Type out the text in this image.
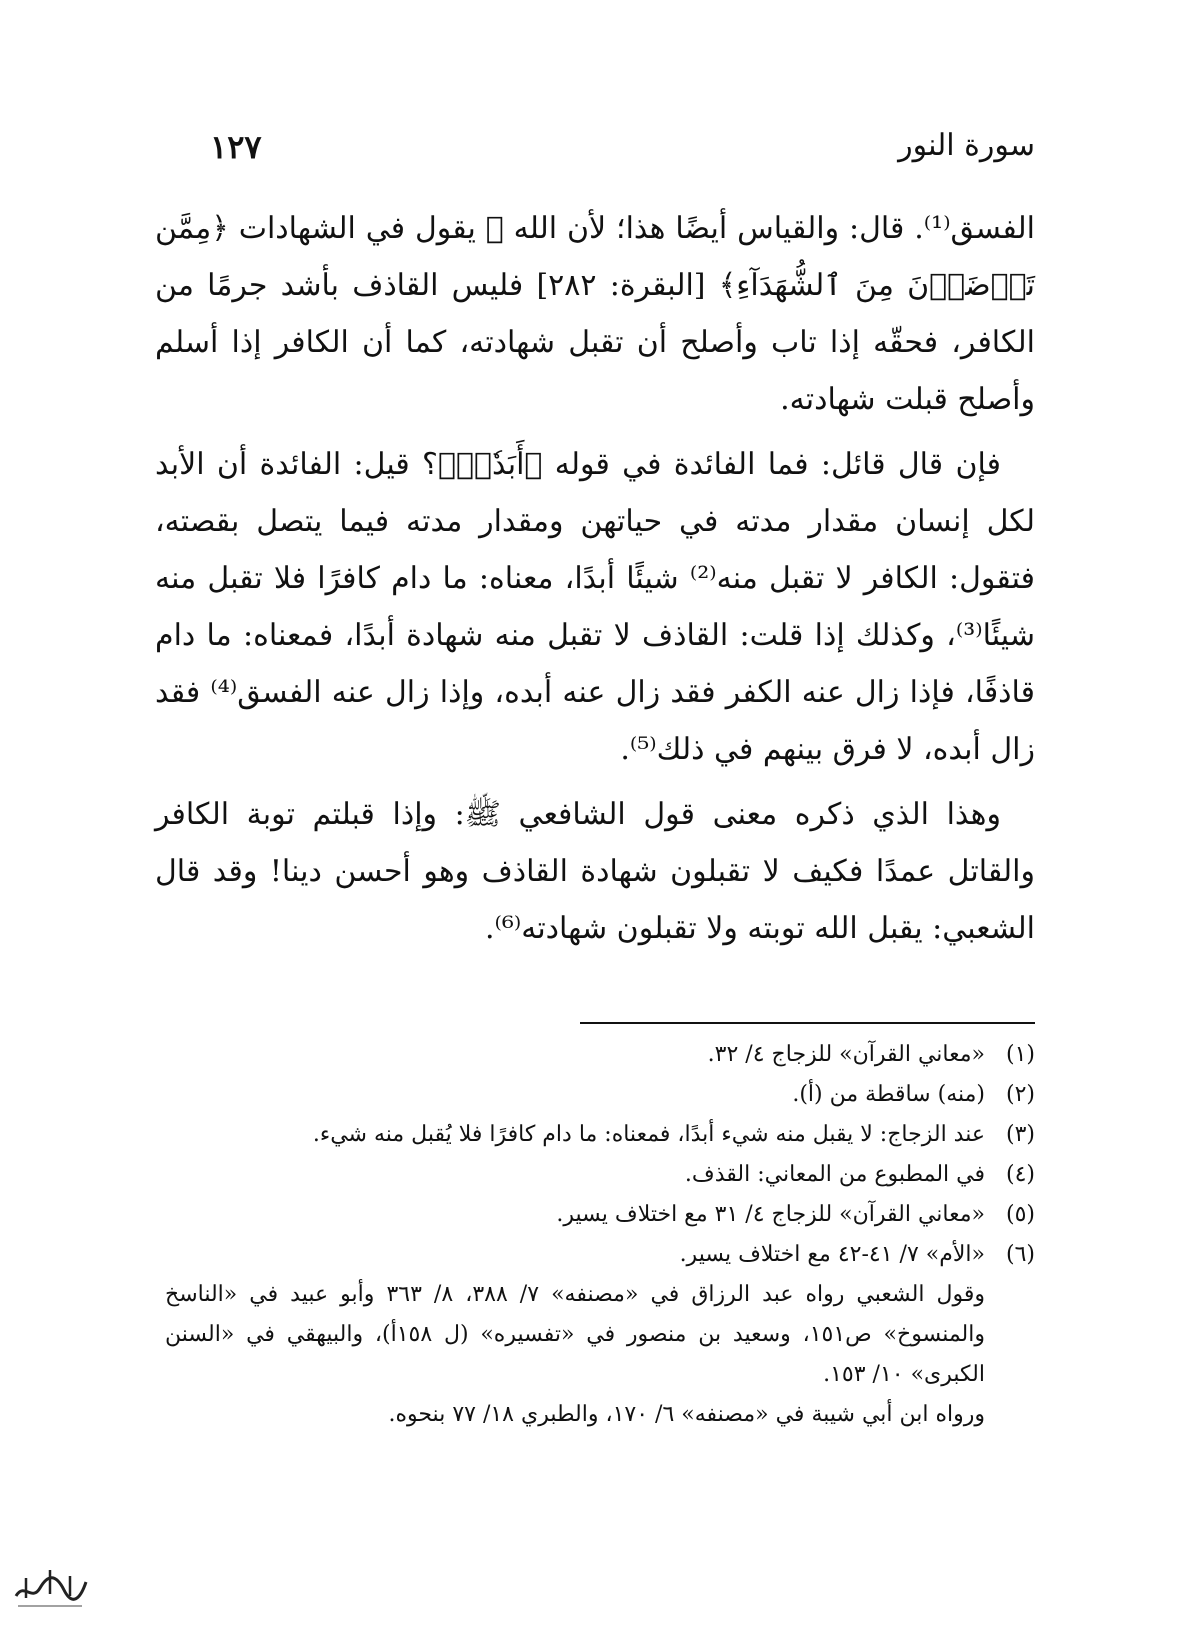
سورة النور
١٢٧

الفسق⁽¹⁾. قال: والقياس أيضًا هذا؛ لأن الله ﷻ يقول في الشهادات ﴿مِمَّن تَرۡضَوۡنَ مِنَ ٱلشُّهَدَآءِ﴾ [البقرة: ٢٨٢] فليس القاذف بأشد جرمًا من الكافر، فحقّه إذا تاب وأصلح أن تقبل شهادته، كما أن الكافر إذا أسلم وأصلح قبلت شهادته.

فإن قال قائل: فما الفائدة في قوله ﴿أَبَدٗاۚ﴾؟ قيل: الفائدة أن الأبد لكل إنسان مقدار مدته في حياتهن ومقدار مدته فيما يتصل بقصته، فتقول: الكافر لا تقبل منه⁽²⁾ شيئًا أبدًا، معناه: ما دام كافرًا فلا تقبل منه شيئًا⁽³⁾، وكذلك إذا قلت: القاذف لا تقبل منه شهادة أبدًا، فمعناه: ما دام قاذفًا، فإذا زال عنه الكفر فقد زال عنه أبده، وإذا زال عنه الفسق⁽⁴⁾ فقد زال أبده، لا فرق بينهم في ذلك⁽⁵⁾.

وهذا الذي ذكره معنى قول الشافعي ﷺ: وإذا قبلتم توبة الكافر والقاتل عمدًا فكيف لا تقبلون شهادة القاذف وهو أحسن دينا! وقد قال الشعبي: يقبل الله توبته ولا تقبلون شهادته⁽⁶⁾.

(١)
«معاني القرآن» للزجاج ٤/ ٣٢.
(٢)
(منه) ساقطة من (أ).
(٣)
عند الزجاج: لا يقبل منه شيء أبدًا، فمعناه: ما دام كافرًا فلا يُقبل منه شيء.
(٤)
في المطبوع من المعاني: القذف.
(٥)
«معاني القرآن» للزجاج ٤/ ٣١ مع اختلاف يسير.
(٦)
«الأم» ٧/ ٤١-٤٢ مع اختلاف يسير.
وقول الشعبي رواه عبد الرزاق في «مصنفه» ٧/ ٣٨٨، ٨/ ٣٦٣ وأبو عبيد في «الناسخ والمنسوخ» ص١٥١، وسعيد بن منصور في «تفسيره» (ل ١٥٨أ)، والبيهقي في «السنن الكبرى» ١٠/ ١٥٣.
ورواه ابن أبي شيبة في «مصنفه» ٦/ ١٧٠، والطبري ١٨/ ٧٧ بنحوه.
